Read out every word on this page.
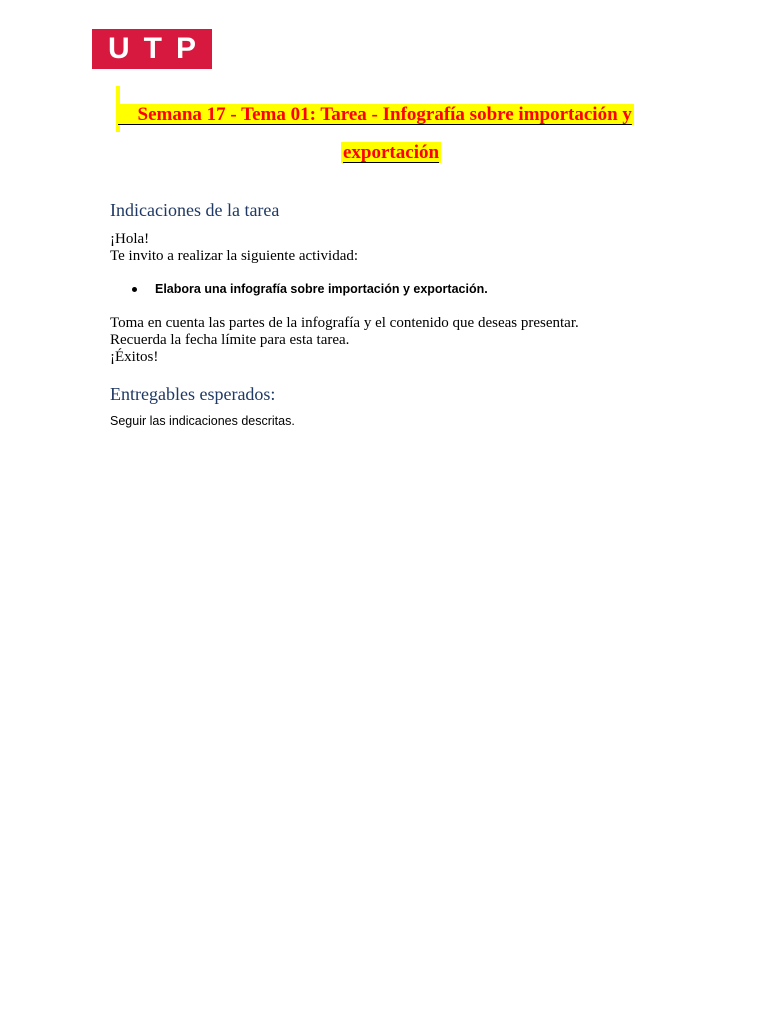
UTP
Semana 17 - Tema 01: Tarea - Infografía sobre importación y
exportación
Indicaciones de la tarea
¡Hola!
Te invito a realizar la siguiente actividad:
Elabora una infografía sobre importación y exportación.
Toma en cuenta las partes de la infografía y el contenido que deseas presentar.
Recuerda la fecha límite para esta tarea.
¡Éxitos!
Entregables esperados:
Seguir las indicaciones descritas.
